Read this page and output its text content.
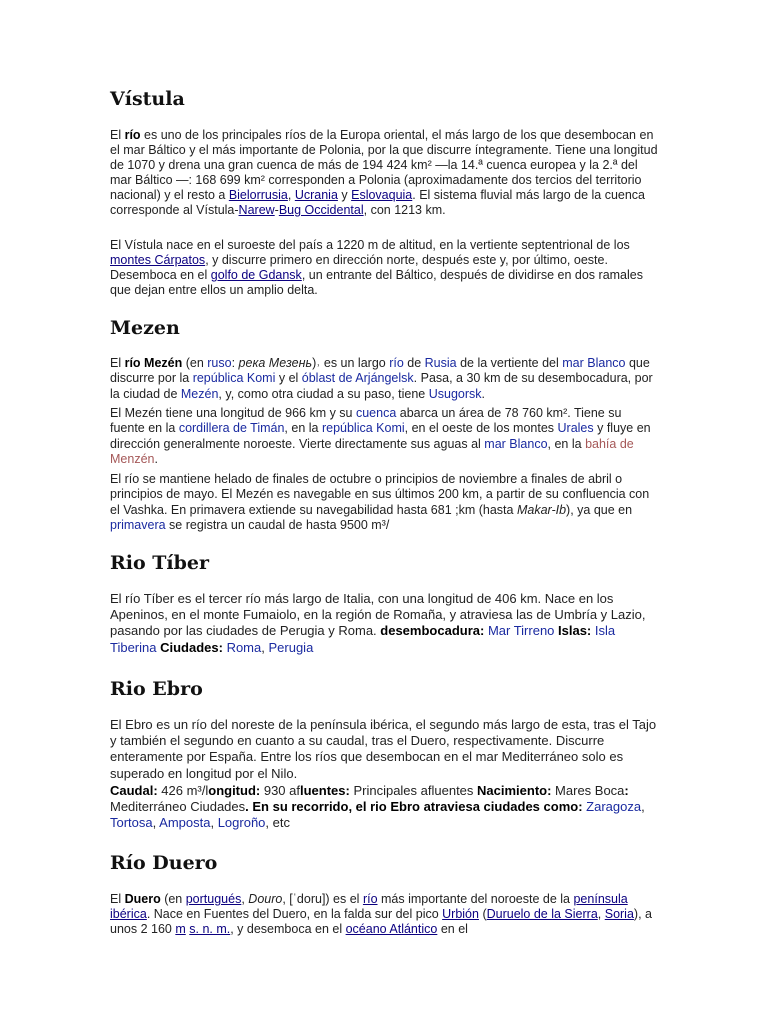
Vístula
El río es uno de los principales ríos de la Europa oriental, el más largo de los que desembocan en el mar Báltico y el más importante de Polonia, por la que discurre íntegramente. Tiene una longitud de 1070 y drena una gran cuenca de más de 194 424 km² —la 14.ª cuenca europea y la 2.ª del mar Báltico —: 168 699 km² corresponden a Polonia (aproximadamente dos tercios del territorio nacional) y el resto a Bielorrusia, Ucrania y Eslovaquia. El sistema fluvial más largo de la cuenca corresponde al Vístula-Narew-Bug Occidental, con 1213 km.
El Vístula nace en el suroeste del país a 1220 m de altitud, en la vertiente septentrional de los montes Cárpatos, y discurre primero en dirección norte, después este y, por último, oeste. Desemboca en el golfo de Gdansk, un entrante del Báltico, después de dividirse en dos ramales que dejan entre ellos un amplio delta.
Mezen
El río Mezén (en ruso: река Мезень)˒ es un largo río de Rusia de la vertiente del mar Blanco que discurre por la república Komi y el óblast de Arjángelsk. Pasa, a 30 km de su desembocadura, por la ciudad de Mezén, y, como otra ciudad a su paso, tiene Usugorsk.
El Mezén tiene una longitud de 966 km y su cuenca abarca un área de 78 760 km². Tiene su fuente en la cordillera de Timán, en la república Komi, en el oeste de los montes Urales y fluye en dirección generalmente noroeste. Vierte directamente sus aguas al mar Blanco, en la bahía de Menzén.
El río se mantiene helado de finales de octubre o principios de noviembre a finales de abril o principios de mayo. El Mezén es navegable en sus últimos 200 km, a partir de su confluencia con el Vashka. En primavera extiende su navegabilidad hasta 681 ;km (hasta Makar-Ib), ya que en primavera se registra un caudal de hasta 9500 m³/
Rio Tíber
El río Tíber es el tercer río más largo de Italia, con una longitud de 406 km. Nace en los Apeninos, en el monte Fumaiolo, en la región de Romaña, y atraviesa las de Umbría y Lazio, pasando por las ciudades de Perugia y Roma. desembocadura: Mar Tirreno Islas: Isla Tiberina Ciudades: Roma, Perugia
Rio Ebro
El Ebro es un río del noreste de la península ibérica, el segundo más largo de esta, tras el Tajo y también el segundo en cuanto a su caudal, tras el Duero, respectivamente. Discurre enteramente por España. Entre los ríos que desembocan en el mar Mediterráneo solo es superado en longitud por el Nilo.
Caudal: 426 m³/longitud: 930 afluentes: Principales afluentes Nacimiento: Mares Boca: Mediterráneo Ciudades. En su recorrido, el rio Ebro atraviesa ciudades como: Zaragoza, Tortosa, Amposta, Logroño, etc
Río Duero
El Duero (en portugués, Douro, [ˈdoru]) es el río más importante del noroeste de la península ibérica. Nace en Fuentes del Duero, en la falda sur del pico Urbión (Duruelo de la Sierra, Soria), a unos 2 160 m s. n. m., y desemboca en el océano Atlántico en el
